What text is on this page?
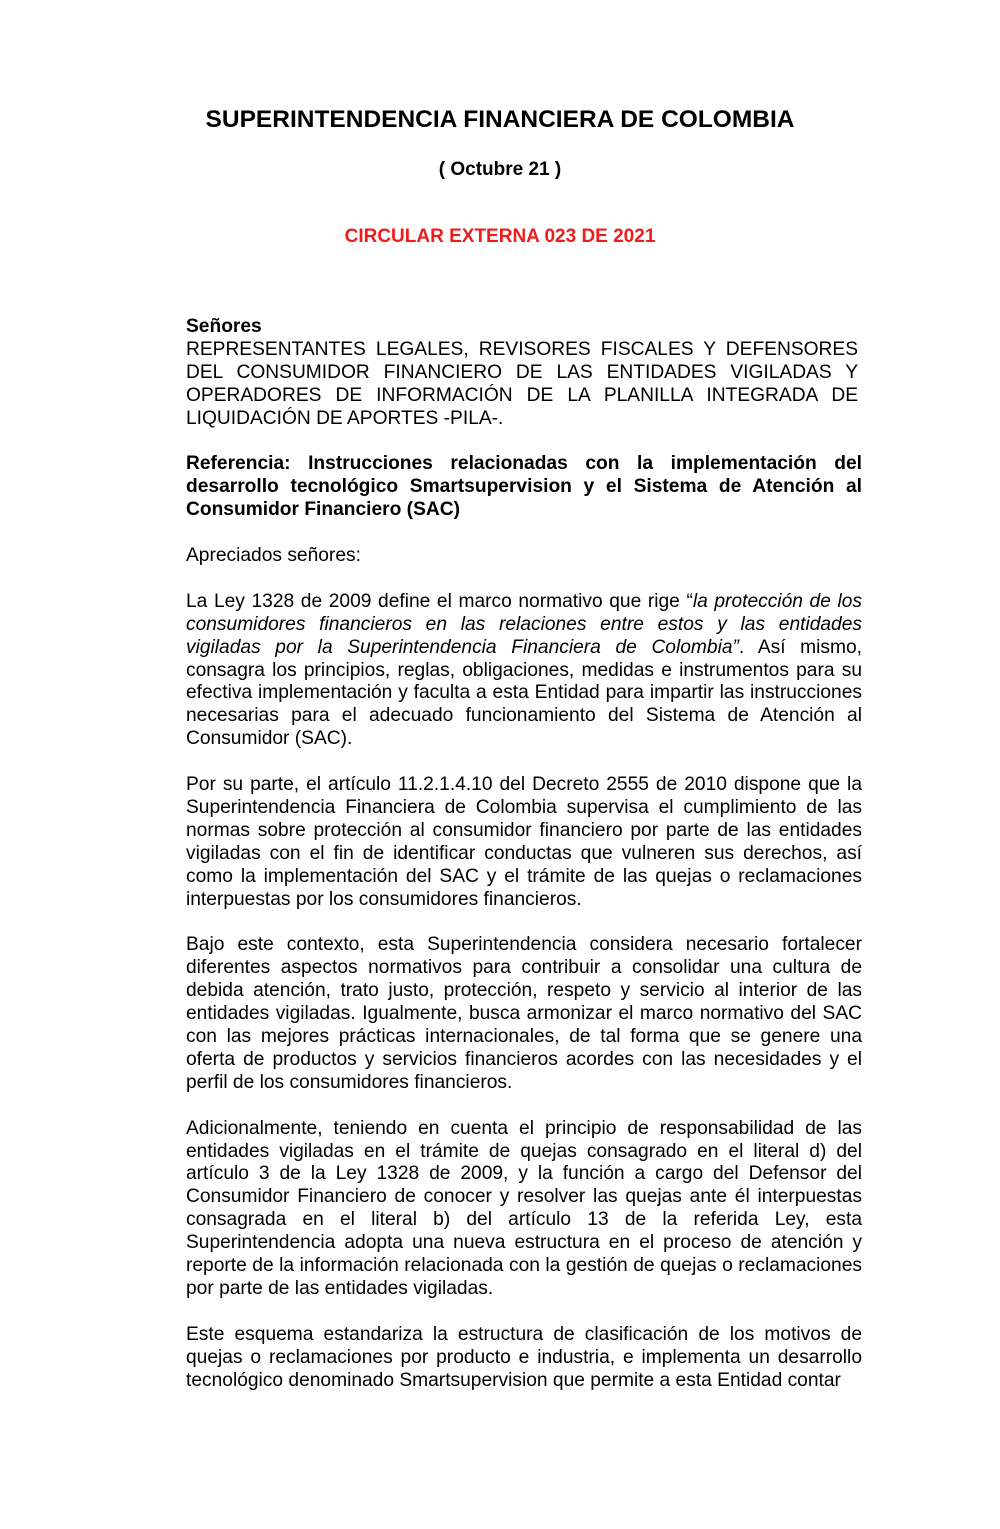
SUPERINTENDENCIA FINANCIERA DE COLOMBIA

( Octubre 21 )

CIRCULAR EXTERNA 023 DE 2021

Señores
REPRESENTANTES LEGALES, REVISORES FISCALES Y DEFENSORES DEL CONSUMIDOR FINANCIERO DE LAS ENTIDADES VIGILADAS Y OPERADORES DE INFORMACIÓN DE LA PLANILLA INTEGRADA DE LIQUIDACIÓN DE APORTES -PILA-.

Referencia: Instrucciones relacionadas con la implementación del desarrollo tecnológico Smartsupervision y el Sistema de Atención al Consumidor Financiero (SAC)

Apreciados señores:

La Ley 1328 de 2009 define el marco normativo que rige “la protección de los consumidores financieros en las relaciones entre estos y las entidades vigiladas por la Superintendencia Financiera de Colombia”. Así mismo, consagra los principios, reglas, obligaciones, medidas e instrumentos para su efectiva implementación y faculta a esta Entidad para impartir las instrucciones necesarias para el adecuado funcionamiento del Sistema de Atención al Consumidor (SAC).

Por su parte, el artículo 11.2.1.4.10 del Decreto 2555 de 2010 dispone que la Superintendencia Financiera de Colombia supervisa el cumplimiento de las normas sobre protección al consumidor financiero por parte de las entidades vigiladas con el fin de identificar conductas que vulneren sus derechos, así como la implementación del SAC y el trámite de las quejas o reclamaciones interpuestas por los consumidores financieros.

Bajo este contexto, esta Superintendencia considera necesario fortalecer diferentes aspectos normativos para contribuir a consolidar una cultura de debida atención, trato justo, protección, respeto y servicio al interior de las entidades vigiladas. Igualmente, busca armonizar el marco normativo del SAC con las mejores prácticas internacionales, de tal forma que se genere una oferta de productos y servicios financieros acordes con las necesidades y el perfil de los consumidores financieros.

Adicionalmente, teniendo en cuenta el principio de responsabilidad de las entidades vigiladas en el trámite de quejas consagrado en el literal d) del artículo 3 de la Ley 1328 de 2009, y la función a cargo del Defensor del Consumidor Financiero de conocer y resolver las quejas ante él interpuestas consagrada en el literal b) del artículo 13 de la referida Ley, esta Superintendencia adopta una nueva estructura en el proceso de atención y reporte de la información relacionada con la gestión de quejas o reclamaciones por parte de las entidades vigiladas.

Este esquema estandariza la estructura de clasificación de los motivos de quejas o reclamaciones por producto e industria, e implementa un desarrollo tecnológico denominado Smartsupervision que permite a esta Entidad contar
